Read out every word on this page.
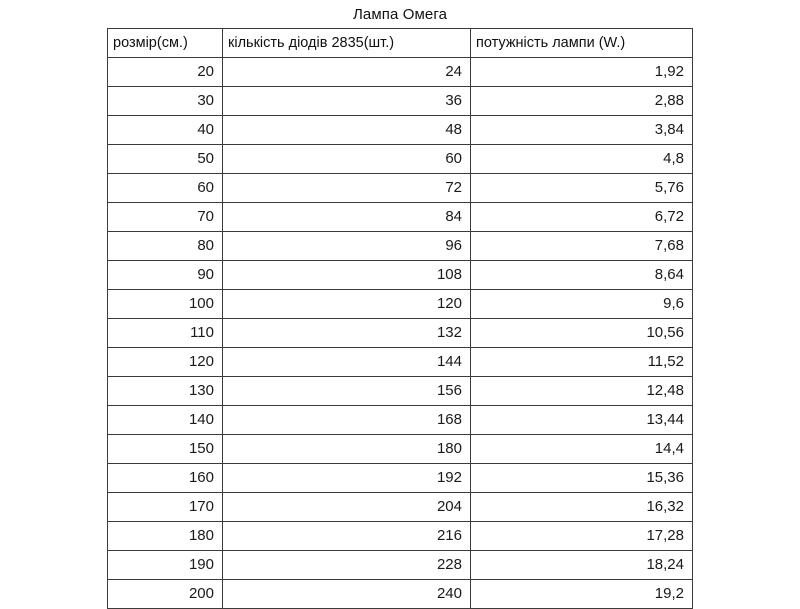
Лампа Омега
розмір(см.)	кількість діодів 2835(шт.)	потужність лампи (W.)
20	24	1,92
30	36	2,88
40	48	3,84
50	60	4,8
60	72	5,76
70	84	6,72
80	96	7,68
90	108	8,64
100	120	9,6
110	132	10,56
120	144	11,52
130	156	12,48
140	168	13,44
150	180	14,4
160	192	15,36
170	204	16,32
180	216	17,28
190	228	18,24
200	240	19,2
